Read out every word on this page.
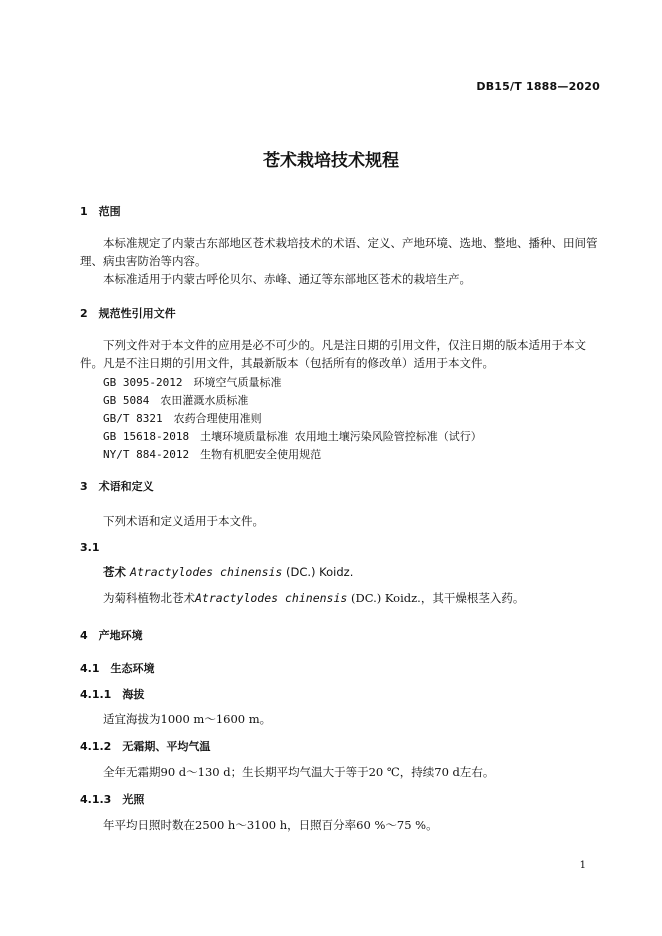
DB15/T 1888—2020
苍术栽培技术规程
1　范围
本标准规定了内蒙古东部地区苍术栽培技术的术语、定义、产地环境、选地、整地、播种、田间管理、病虫害防治等内容。
本标准适用于内蒙古呼伦贝尔、赤峰、通辽等东部地区苍术的栽培生产。
2　规范性引用文件
下列文件对于本文件的应用是必不可少的。凡是注日期的引用文件，仅注日期的版本适用于本文件。凡是不注日期的引用文件，其最新版本（包括所有的修改单）适用于本文件。
GB 3095-2012　环境空气质量标准
GB 5084　农田灌溉水质标准
GB/T 8321　农药合理使用准则
GB 15618-2018　土壤环境质量标准 农用地土壤污染风险管控标准（试行）
NY/T 884-2012　生物有机肥安全使用规范
3　术语和定义
下列术语和定义适用于本文件。
3.1
苍术 Atractylodes chinensis (DC.) Koidz.
为菊科植物北苍术Atractylodes chinensis (DC.) Koidz.，其干燥根茎入药。
4　产地环境
4.1　生态环境
4.1.1　海拔
适宜海拔为1000 m～1600 m。
4.1.2　无霜期、平均气温
全年无霜期90 d～130 d；生长期平均气温大于等于20 ℃，持续70 d左右。
4.1.3　光照
年平均日照时数在2500 h～3100 h，日照百分率60 %～75 %。
1
